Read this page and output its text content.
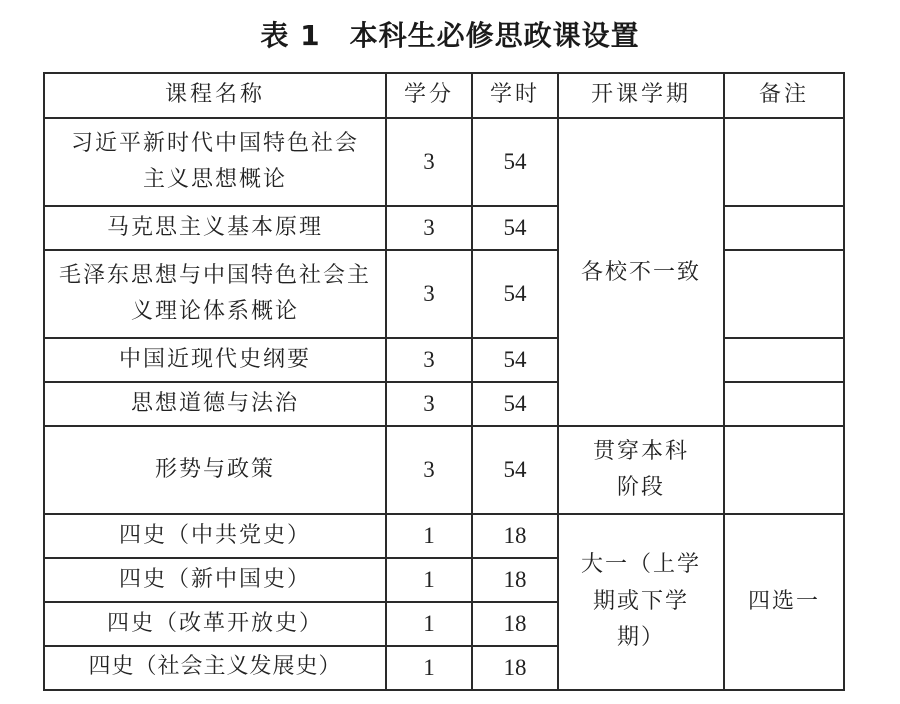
表 1　本科生必修思政课设置
课程名称	学分	学时	开课学期	备注
习近平新时代中国特色社会主义思想概论	3	54	各校不一致	
马克思主义基本原理	3	54		
毛泽东思想与中国特色社会主义理论体系概论	3	54		
中国近现代史纲要	3	54		
思想道德与法治	3	54		
形势与政策	3	54	贯穿本科阶段	
四史（中共党史）	1	18	大一（上学期或下学期）	四选一
四史（新中国史）	1	18		
四史（改革开放史）	1	18		
四史（社会主义发展史）	1	18		
